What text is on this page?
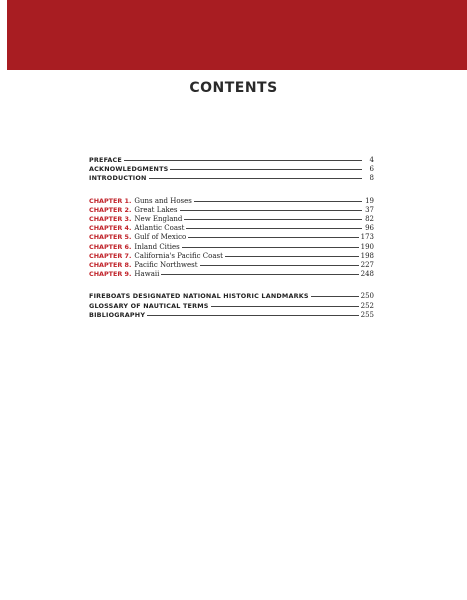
CONTENTS
PREFACE	4
ACKNOWLEDGMENTS	6
INTRODUCTION	8
CHAPTER 1. Guns and Hoses	19
CHAPTER 2. Great Lakes	37
CHAPTER 3. New England	82
CHAPTER 4. Atlantic Coast	96
CHAPTER 5. Gulf of Mexico	173
CHAPTER 6. Inland Cities	190
CHAPTER 7. California's Pacific Coast	198
CHAPTER 8. Pacific Northwest	227
CHAPTER 9. Hawaii	248
FIREBOATS DESIGNATED NATIONAL HISTORIC LANDMARKS	250
GLOSSARY OF NAUTICAL TERMS	252
BIBLIOGRAPHY	255
